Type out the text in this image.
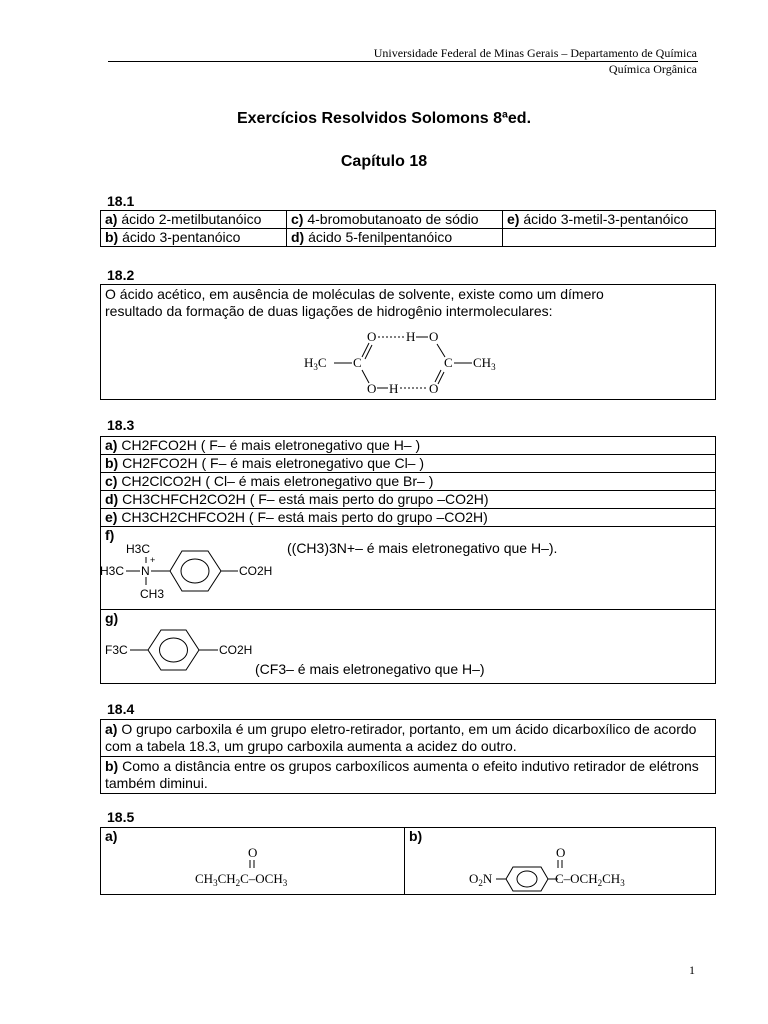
Universidade Federal de Minas Gerais – Departamento de Química
Química Orgânica
Exercícios Resolvidos Solomons 8ªed.
Capítulo 18
18.1
a) ácido 2-metilbutanóico	c) 4-bromobutanoato de sódio	e) ácido 3-metil-3-pentanóico
b) ácido 3-pentanóico	d) ácido 5-fenilpentanóico	
18.2
O ácido acético, em ausência de moléculas de solvente, existe como um dímero resultado da formação de duas ligações de hidrogênio intermoleculares:
$H_3C$ C
O H O
C $CH_3$
O H O
18.3
a) CH2FCO2H ( F– é mais eletronegativo que H– )
b) CH2FCO2H ( F– é mais eletronegativo que Cl– )
c) CH2ClCO2H ( Cl– é mais eletronegativo que Br– )
d) CH3CHFCH2CO2H ( F– está mais perto do grupo –CO2H)
e) CH3CH2CHFCO2H ( F– está mais perto do grupo –CO2H)
f)
H3C
+
H3C N
CH3
CO2H
((CH3)3N+– é mais eletronegativo que H–).

g)
F3C	CO2H
(CF3– é mais eletronegativo que H–)
18.4
a) O grupo carboxila é um grupo eletro-retirador, portanto, em um ácido dicarboxílico de acordo com a tabela 18.3, um grupo carboxila aumenta a acidez do outro.
b) Como a distância entre os grupos carboxílicos aumenta o efeito indutivo retirador de elétrons também diminui.
18.5
a)
O
$CH_3CH_2C-OCH_3$
	b)
$O_2N$
O
$C-OCH_2CH_3$
1
